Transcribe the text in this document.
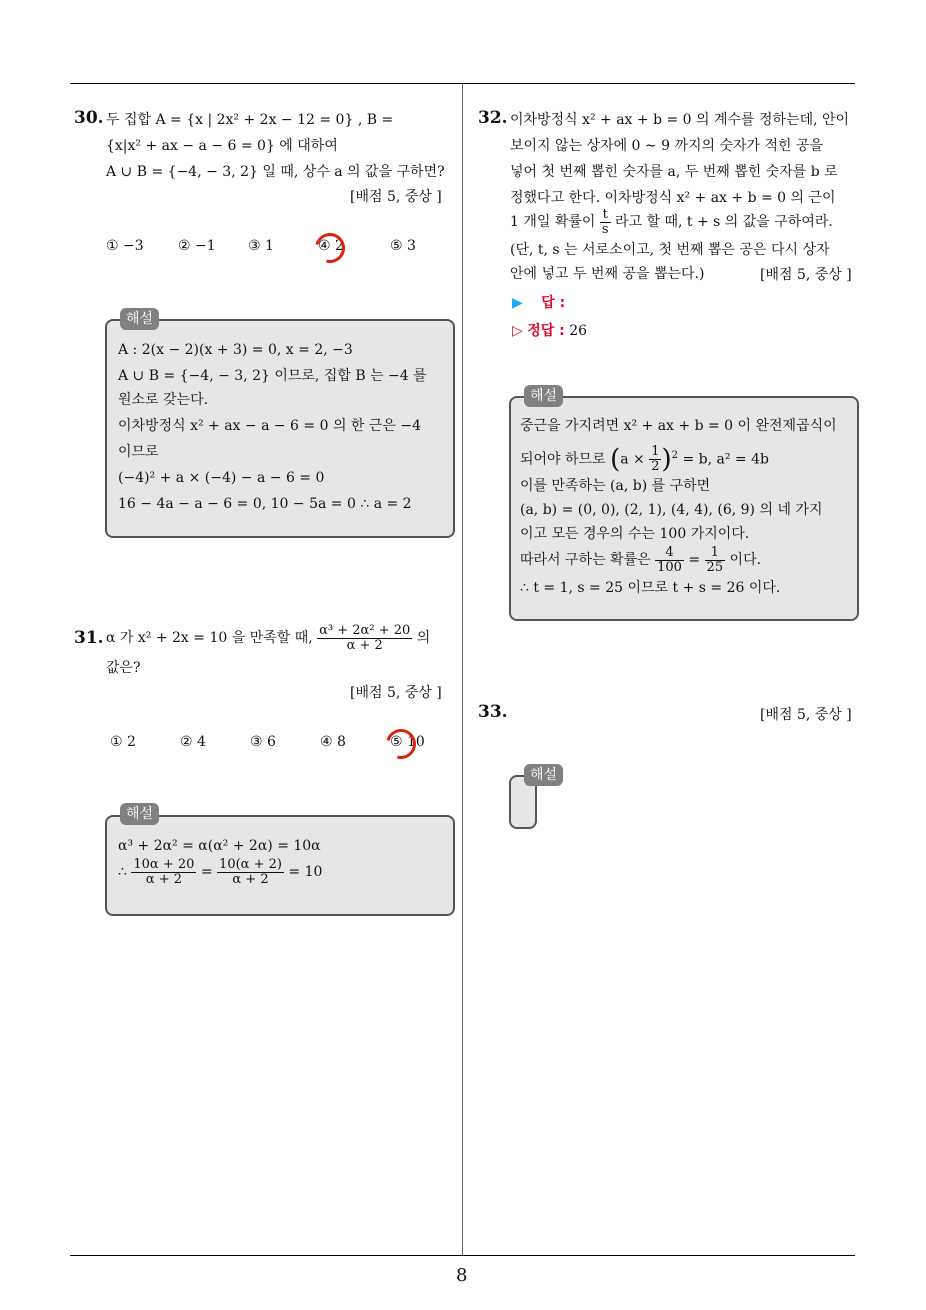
8
30. 두 집합 A = {x | 2x² + 2x − 12 = 0} , B =
{x|x² + ax − a − 6 = 0} 에 대하여
A ∪ B = {−4, − 3, 2} 일 때, 상수 a 의 값을 구하면?
[배점 5, 중상 ]
① −3 ② −1 ③ 1	④ 2	⑤ 3
해설
A : 2(x − 2)(x + 3) = 0, x = 2, −3
A ∪ B = {−4, − 3, 2} 이므로, 집합 B 는 −4 를
원소로 갖는다.
이차방정식 x² + ax − a − 6 = 0 의 한 근은 −4
이므로
(−4)² + a × (−4) − a − 6 = 0
16 − 4a − a − 6 = 0, 10 − 5a = 0 ∴ a = 2
31. α 가 x² + 2x = 10 을 만족할 때, $\frac{\text{α³ + 2α² + 20}}{\alpha + 2}$ 의
값은?
[배점 5, 중상 ]
① 2	② 4	③ 6	④ 8	⑤ 10
해설
α³ + 2α² = α(α² + 2α) = 10α
∴ $\frac{10\alpha + 20}{\alpha + 2} = \frac{10(\alpha + 2)}{\alpha + 2} = 10$
32. 이차방정식 x² + ax + b = 0 의 계수를 정하는데, 안이
보이지 않는 상자에 0 ∼ 9 까지의 숫자가 적힌 공을
넣어 첫 번째 뽑힌 숫자를 a, 두 번째 뽑힌 숫자를 b 로
정했다고 한다. 이차방정식 x² + ax + b = 0 의 근이
1 개일 확률이 $\frac{t}{s}$ 라고 할 때, t + s 의 값을 구하여라.
(단, t, s 는 서로소이고, 첫 번째 뽑은 공은 다시 상자
안에 넣고 두 번째 공을 뽑는다.)	[배점 5, 중상 ]
▶ 답 :
▷ 정답 : 26
해설
중근을 가지려면 x² + ax + b = 0 이 완전제곱식이
되어야 하므로 $(a \times \frac{1}{2} )^2 = b$, a² = 4b
이를 만족하는 (a, b) 를 구하면
(a, b) = (0, 0), (2, 1), (4, 4), (6, 9) 의 네 가지
이고 모든 경우의 수는 100 가지이다.
따라서 구하는 확률은 $\frac{4}{100} = \frac{1}{25}$ 이다.
∴ t = 1, s = 25 이므로 t + s = 26 이다.
33.	[배점 5, 중상 ]
해설
